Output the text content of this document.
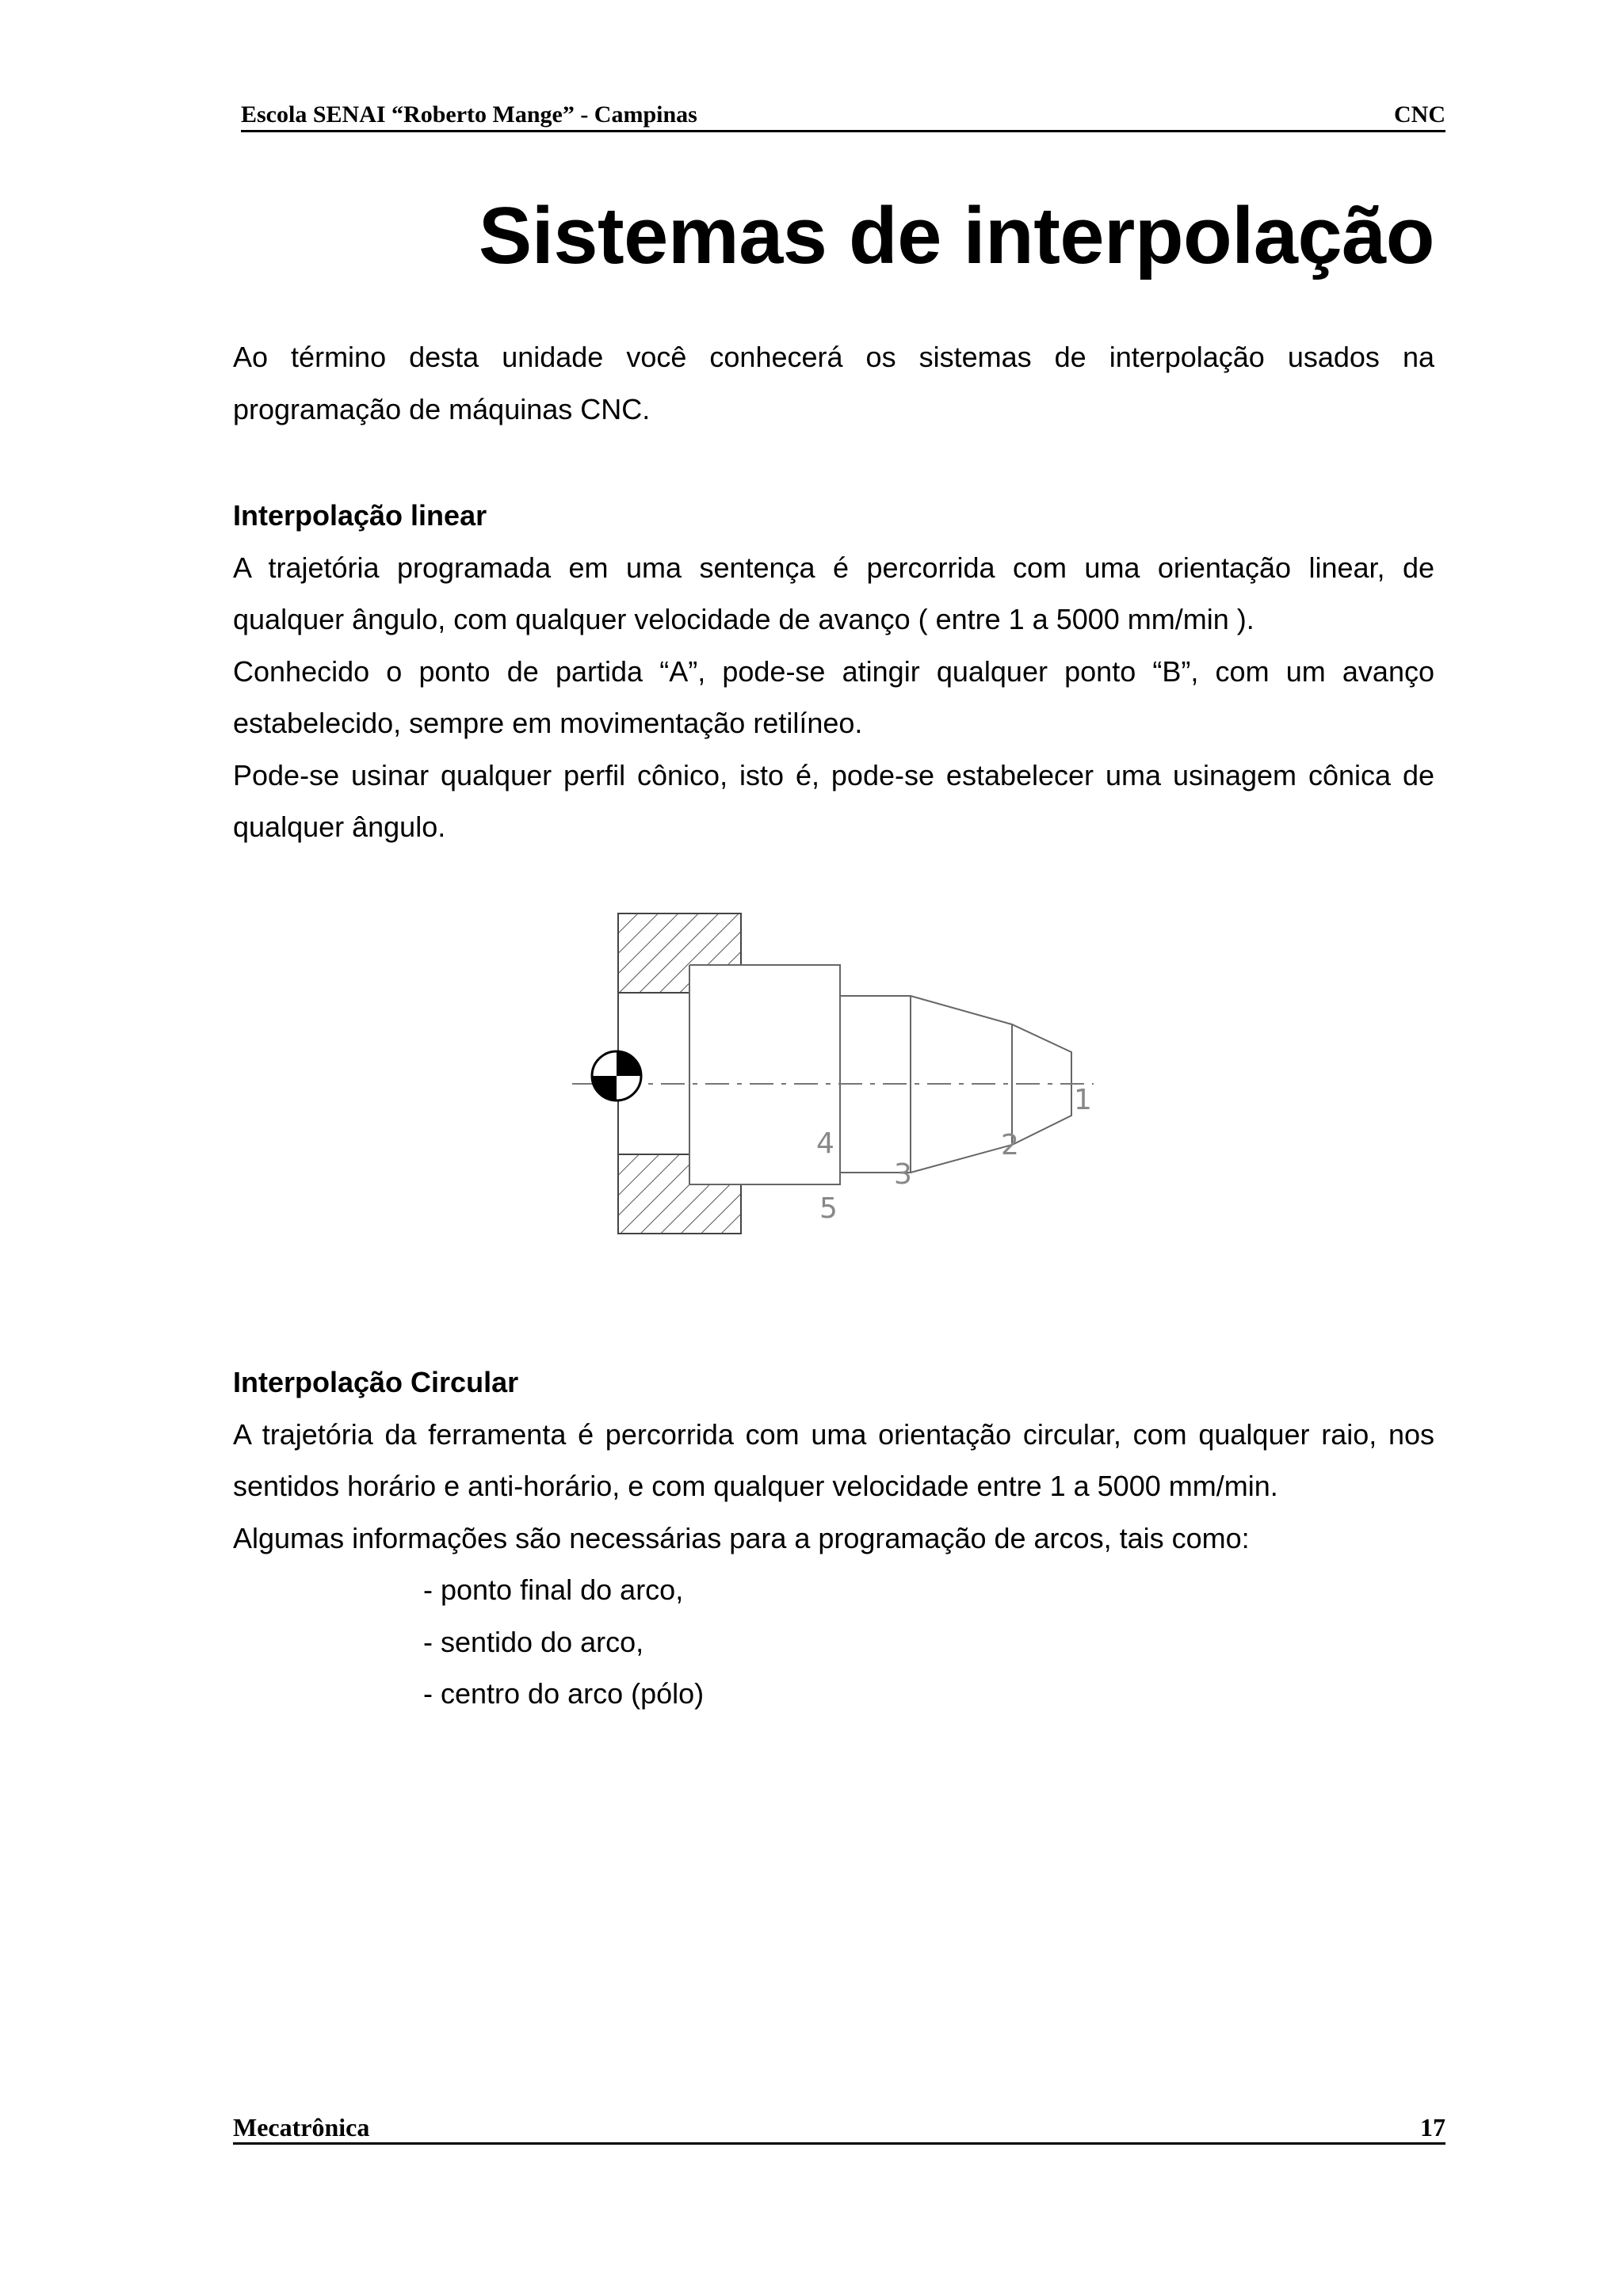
Escola SENAI “Roberto Mange” - Campinas	CNC
Sistemas de interpolação

Ao término desta unidade você conhecerá os sistemas de interpolação usados na programação de máquinas CNC.

Interpolação linear

A trajetória programada em uma sentença é percorrida com uma orientação linear, de qualquer ângulo, com qualquer velocidade de avanço ( entre 1 a 5000 mm/min ).

Conhecido o ponto de partida “A”, pode-se atingir qualquer ponto “B”, com um avanço estabelecido, sempre em movimentação retilíneo.

Pode-se usinar qualquer perfil cônico, isto é, pode-se estabelecer uma usinagem cônica de qualquer ângulo.

1
2
3
4
5
Interpolação Circular

A trajetória da ferramenta é percorrida com uma orientação circular, com qualquer raio, nos sentidos horário e anti-horário, e com qualquer velocidade entre 1 a 5000 mm/min.

Algumas informações são necessárias para a programação de arcos, tais como:

- ponto final do arco,
- sentido do arco,
- centro do arco (pólo)
Mecatrônica	17
